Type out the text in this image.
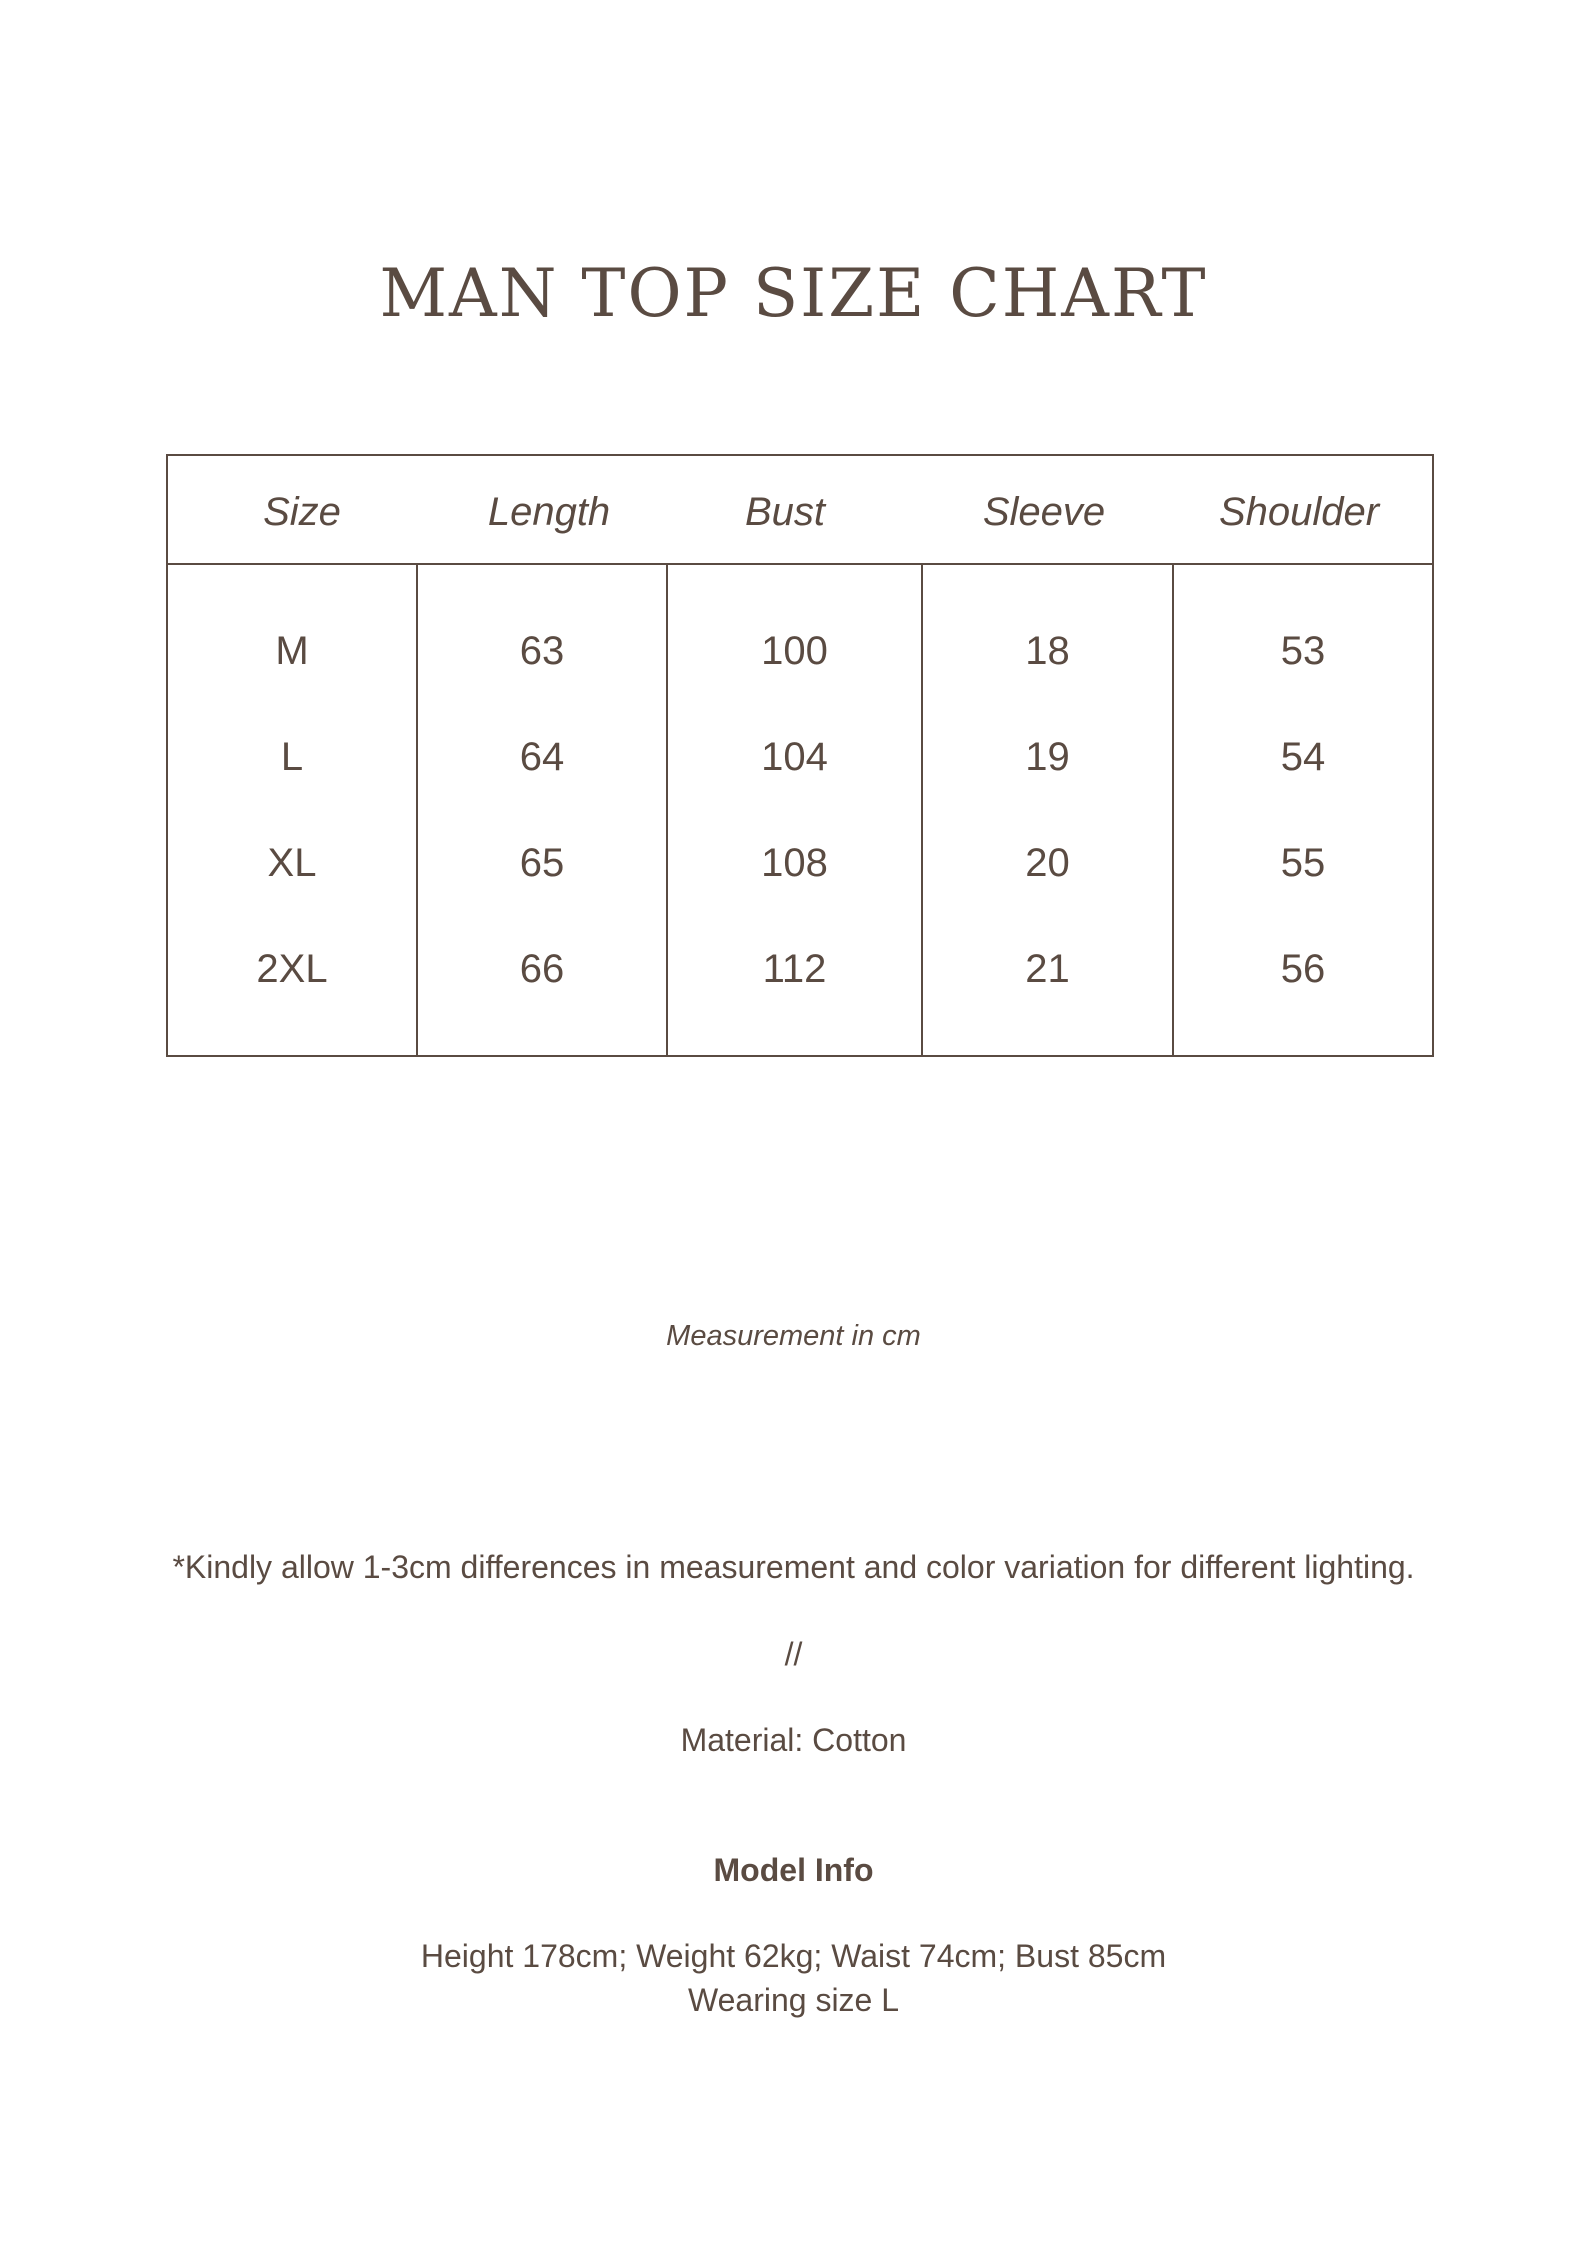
MAN TOP SIZE CHART
Size	Length	Bust	Sleeve	Shoulder
M	63	100	18	53
L	64	104	19	54
XL	65	108	20	55
2XL	66	112	21	56
Measurement in cm
*Kindly allow 1-3cm differences in measurement and color variation for different lighting.
//
Material: Cotton
Model Info
Height 178cm; Weight 62kg; Waist 74cm; Bust 85cm
Wearing size L
